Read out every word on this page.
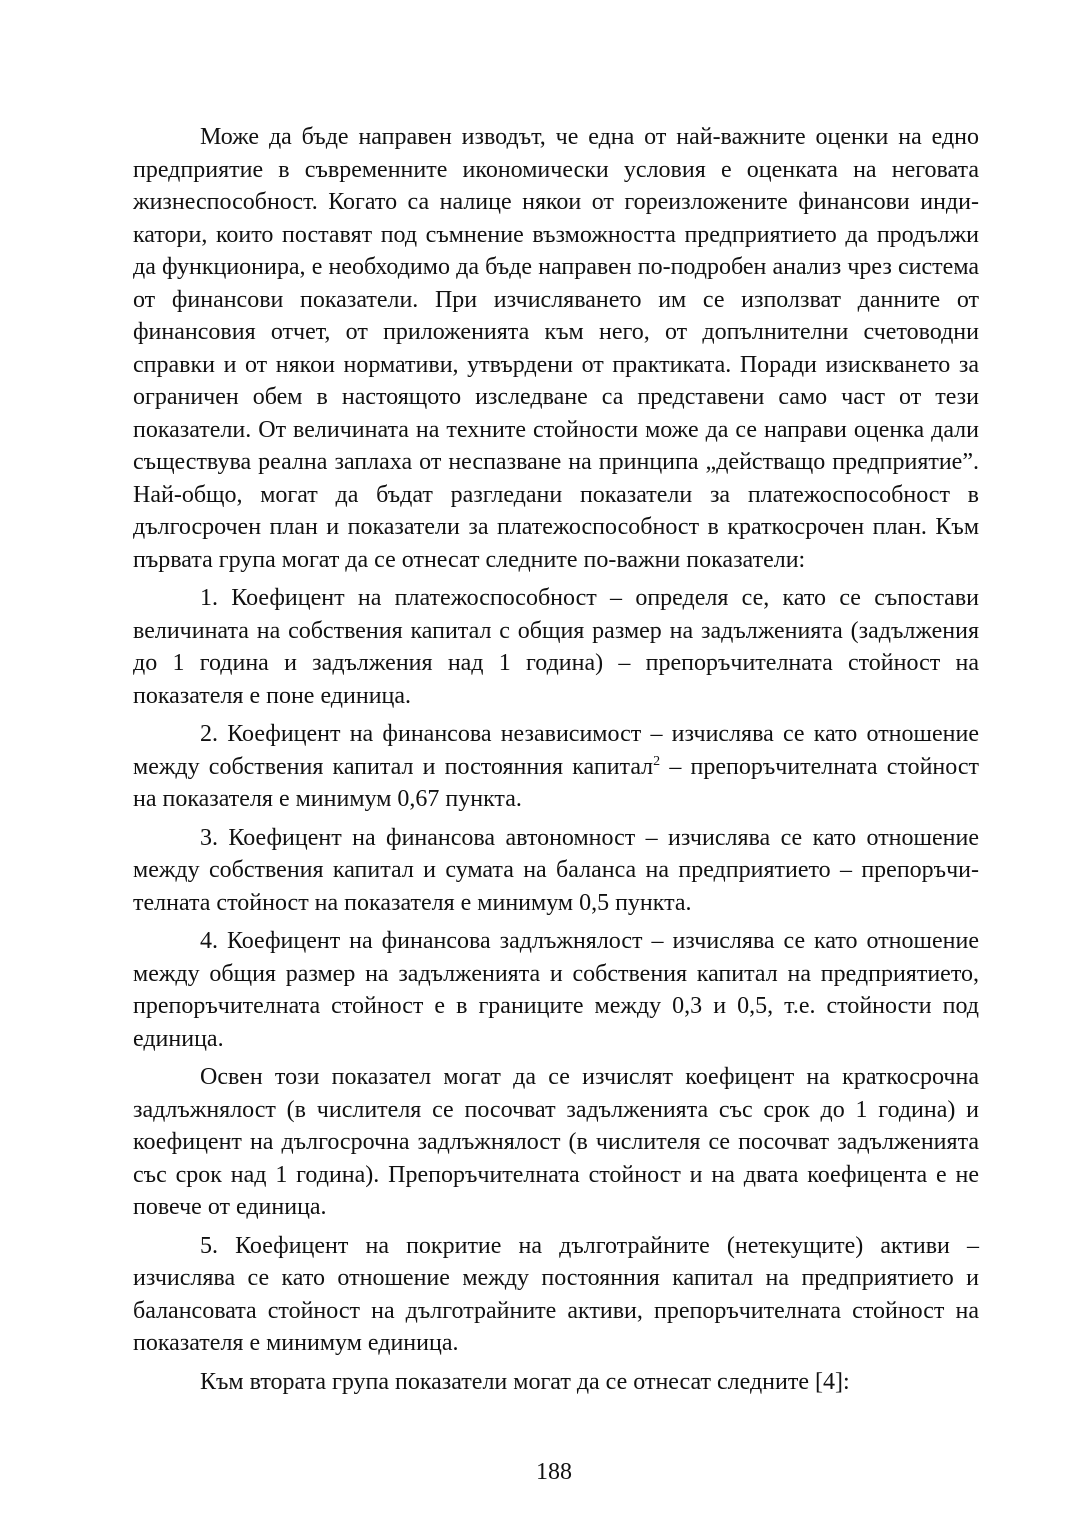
Може да бъде направен изводът, че една от най-важните оценки на едно предприятие в съвременните икономически условия е оценката на неговата жизнеспособност. Когато са налице някои от гореизложените финансови индикатори, които поставят под съмнение възможността предприятието да продължи да функционира, е необходимо да бъде направен по-подробен анализ чрез система от финансови показатели. При изчисляването им се използват данните от финансовия отчет, от приложенията към него, от допълнителни счетоводни справки и от някои нормативи, утвърдени от практиката. Поради изискването за ограничен обем в настоящото изследване са представени само част от тези показатели. От величината на техните стойности може да се направи оценка дали съществува реална заплаха от неспазване на принципа „действащо предприятие”. Най-общо, могат да бъдат разгледани показатели за платежоспособност в дългосрочен план и показатели за платежоспособност в краткосрочен план. Към първата група могат да се отнесат следните по-важни показатели:

1. Коефицент на платежоспособност – определя се, като се съпостави величината на собствения капитал с общия размер на задълженията (задължения до 1 година и задължения над 1 година) – препоръчителната стойност на показателя е поне единица.

2. Коефицент на финансова независимост – изчислява се като отношение между собствения капитал и постоянния капитал$^2$ – препоръчителната стойност на показателя е минимум 0,67 пункта.

3. Коефицент на финансова автономност – изчислява се като отношение между собствения капитал и сумата на баланса на предприятието – препоръчителната стойност на показателя е минимум 0,5 пункта.

4. Коефицент на финансова задлъжнялост – изчислява се като отношение между общия размер на задълженията и собствения капитал на предприятието, препоръчителната стойност е в границите между 0,3 и 0,5, т.е. стойности под единица.

Освен този показател могат да се изчислят коефицент на краткосрочна задлъжнялост (в числителя се посочват задълженията със срок до 1 година) и коефицент на дългосрочна задлъжнялост (в числителя се посочват задълженията със срок над 1 година). Препоръчителната стойност и на двата коефицента е не повече от единица.

5. Коефицент на покритие на дълготрайните (нетекущите) активи – изчислява се като отношение между постоянния капитал на предприятието и балансовата стойност на дълготрайните активи, препоръчителната стойност на показателя е минимум единица.

Към втората група показатели могат да се отнесат следните [4]:

188
